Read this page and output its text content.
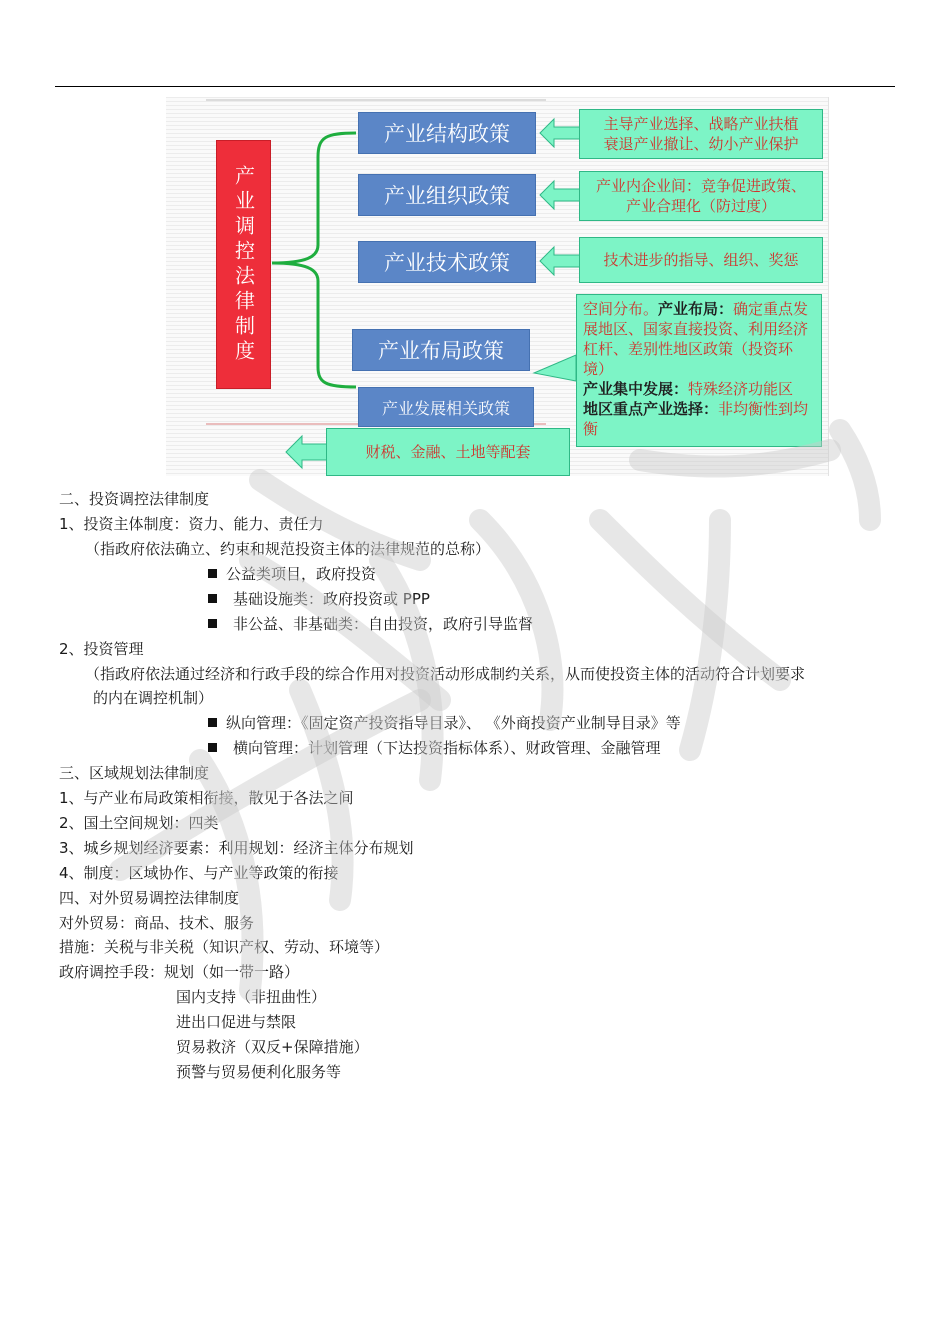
产业调控法律制度
产业结构政策
产业组织政策
产业技术政策
产业布局政策
产业发展相关政策
主导产业选择、战略产业扶植
衰退产业撤让、幼小产业保护
产业内企业间：竞争促进政策、
产业合理化（防过度）
技术进步的指导、组织、奖惩
空间分布。产业布局：确定重点发展地区、国家直接投资、利用经济杠杆、差别性地区政策（投资环境）
产业集中发展：特殊经济功能区
地区重点产业选择：非均衡性到均衡
财税、金融、土地等配套
二、投资调控法律制度
1、投资主体制度：资力、能力、责任力
（指政府依法确立、约束和规范投资主体的法律规范的总称）
公益类项目，政府投资
基础设施类：政府投资或 PPP
非公益、非基础类：自由投资，政府引导监督
2、投资管理
（指政府依法通过经济和行政手段的综合作用对投资活动形成制约关系，从而使投资主体的活动符合计划要求
的内在调控机制）
纵向管理：《固定资产投资指导目录》、 《外商投资产业制导目录》等
横向管理：计划管理（下达投资指标体系）、财政管理、金融管理
三、区域规划法律制度
1、与产业布局政策相衔接，散见于各法之间
2、国土空间规划：四类
3、城乡规划经济要素：利用规划：经济主体分布规划
4、制度：区域协作、与产业等政策的衔接
四、对外贸易调控法律制度
对外贸易：商品、技术、服务
措施：关税与非关税（知识产权、劳动、环境等）
政府调控手段：规划（如一带一路）
国内支持（非扭曲性）
进出口促进与禁限
贸易救济（双反+保障措施）
预警与贸易便利化服务等
